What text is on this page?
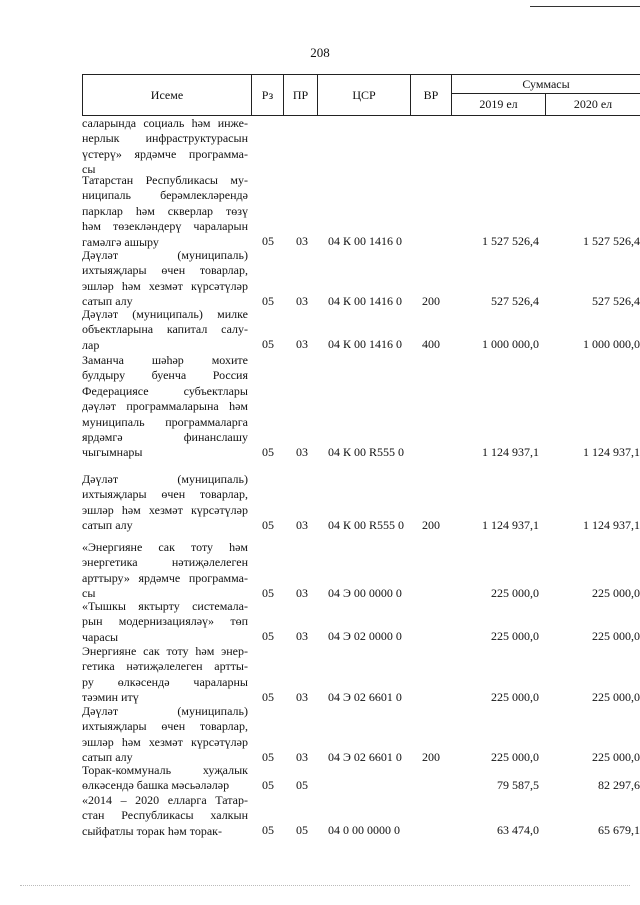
208
Исеме	Рз	ПР	ЦСР	ВР
Суммасы
2019 ел	2020 ел
саларында социаль һәм инже-
нерлык инфраструктурасын
үстерү» ярдәмче программа-
сы
Татарстан Республикасы му-
ниципаль берәмлекләрендә
парклар һәм скверлар төзү
һәм төзекләндерү чараларын
гамәлгә ашыру	05 03 04 К 00 1416 0	1 527 526,4	1 527 526,4
Дәүләт (муниципаль)
ихтыяҗлары өчен товарлар,
эшләр һәм хезмәт күрсәтүләр
сатып алу	05 03 04 К 00 1416 0 200	527 526,4	527 526,4
Дәүләт (муниципаль) милке
объектларына капитал салу-
лар	05 03 04 К 00 1416 0 400	1 000 000,0	1 000 000,0
Заманча шәһәр мохите
булдыру буенча Россия
Федерациясе субъектлары
дәүләт программаларына һәм
муниципаль программаларга
ярдәмгә финанслашу
чыгымнары	05 03 04 К 00 R555 0	1 124 937,1	1 124 937,1
Дәүләт (муниципаль)
ихтыяҗлары өчен товарлар,
эшләр һәм хезмәт күрсәтүләр
сатып алу	05 03 04 К 00 R555 0 200	1 124 937,1	1 124 937,1
«Энергияне сак тоту һәм
энергетика нәтиҗәлелеген
арттыру» ярдәмче программа-
сы	05 03 04 Э 00 0000 0	225 000,0	225 000,0
«Тышкы яктырту системала-
рын модернизацияләү» төп
чарасы	05 03 04 Э 02 0000 0	225 000,0	225 000,0
Энергияне сак тоту һәм энер-
гетика нәтиҗәлелеген артты-
ру өлкәсендә чараларны
тәэмин итү	05 03 04 Э 02 6601 0	225 000,0	225 000,0
Дәүләт (муниципаль)
ихтыяҗлары өчен товарлар,
эшләр һәм хезмәт күрсәтүләр
сатып алу	05 03 04 Э 02 6601 0 200	225 000,0	225 000,0
Торак-коммуналь хуҗалык
өлкәсендә башка мәсьәләләр	05 05	79 587,5	82 297,6
«2014 – 2020 елларга Татар-
стан Республикасы халкын
сыйфатлы торак һәм торак-	05 05 04 0 00 0000 0	63 474,0	65 679,1
